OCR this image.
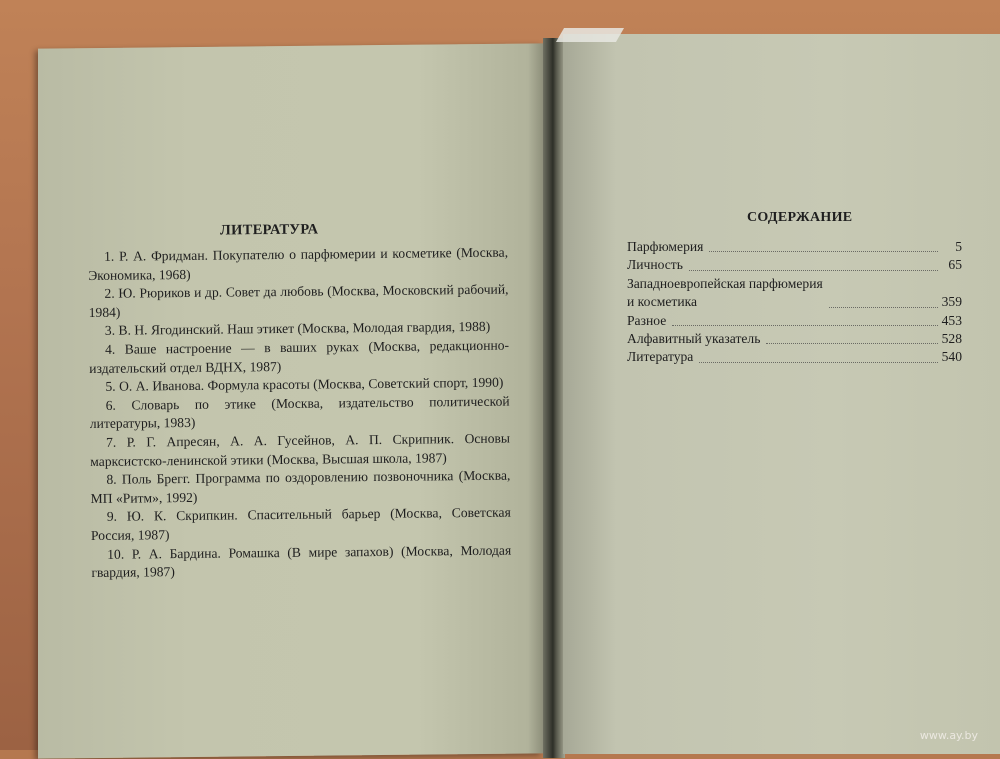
ЛИТЕРАТУРА
1. Р. А. Фридман. Покупателю о парфюмерии и косметике (Москва, Экономика, 1968)
2. Ю. Рюриков и др. Совет да любовь (Москва, Московский рабочий, 1984)
3. В. Н. Ягодинский. Наш этикет (Москва, Молодая гвардия, 1988)
4. Ваше настроение — в ваших руках (Москва, редакционно-издательский отдел ВДНХ, 1987)
5. О. А. Иванова. Формула красоты (Москва, Советский спорт, 1990)
6. Словарь по этике (Москва, издательство политической литературы, 1983)
7. Р. Г. Апресян, А. А. Гусейнов, А. П. Скрипник. Основы марксистско-ленинской этики (Москва, Высшая школа, 1987)
8. Поль Брегг. Программа по оздоровлению позвоночника (Москва, МП «Ритм», 1992)
9. Ю. К. Скрипкин. Спасительный барьер (Москва, Советская Россия, 1987)
10. Р. А. Бардина. Ромашка (В мире запахов) (Москва, Молодая гвардия, 1987)
СОДЕРЖАНИЕ
Парфюмерия	5
Личность	65
Западноевропейская парфюмерия
и косметика	359
Разное	453
Алфавитный указатель	528
Литература	540
www.ay.by
